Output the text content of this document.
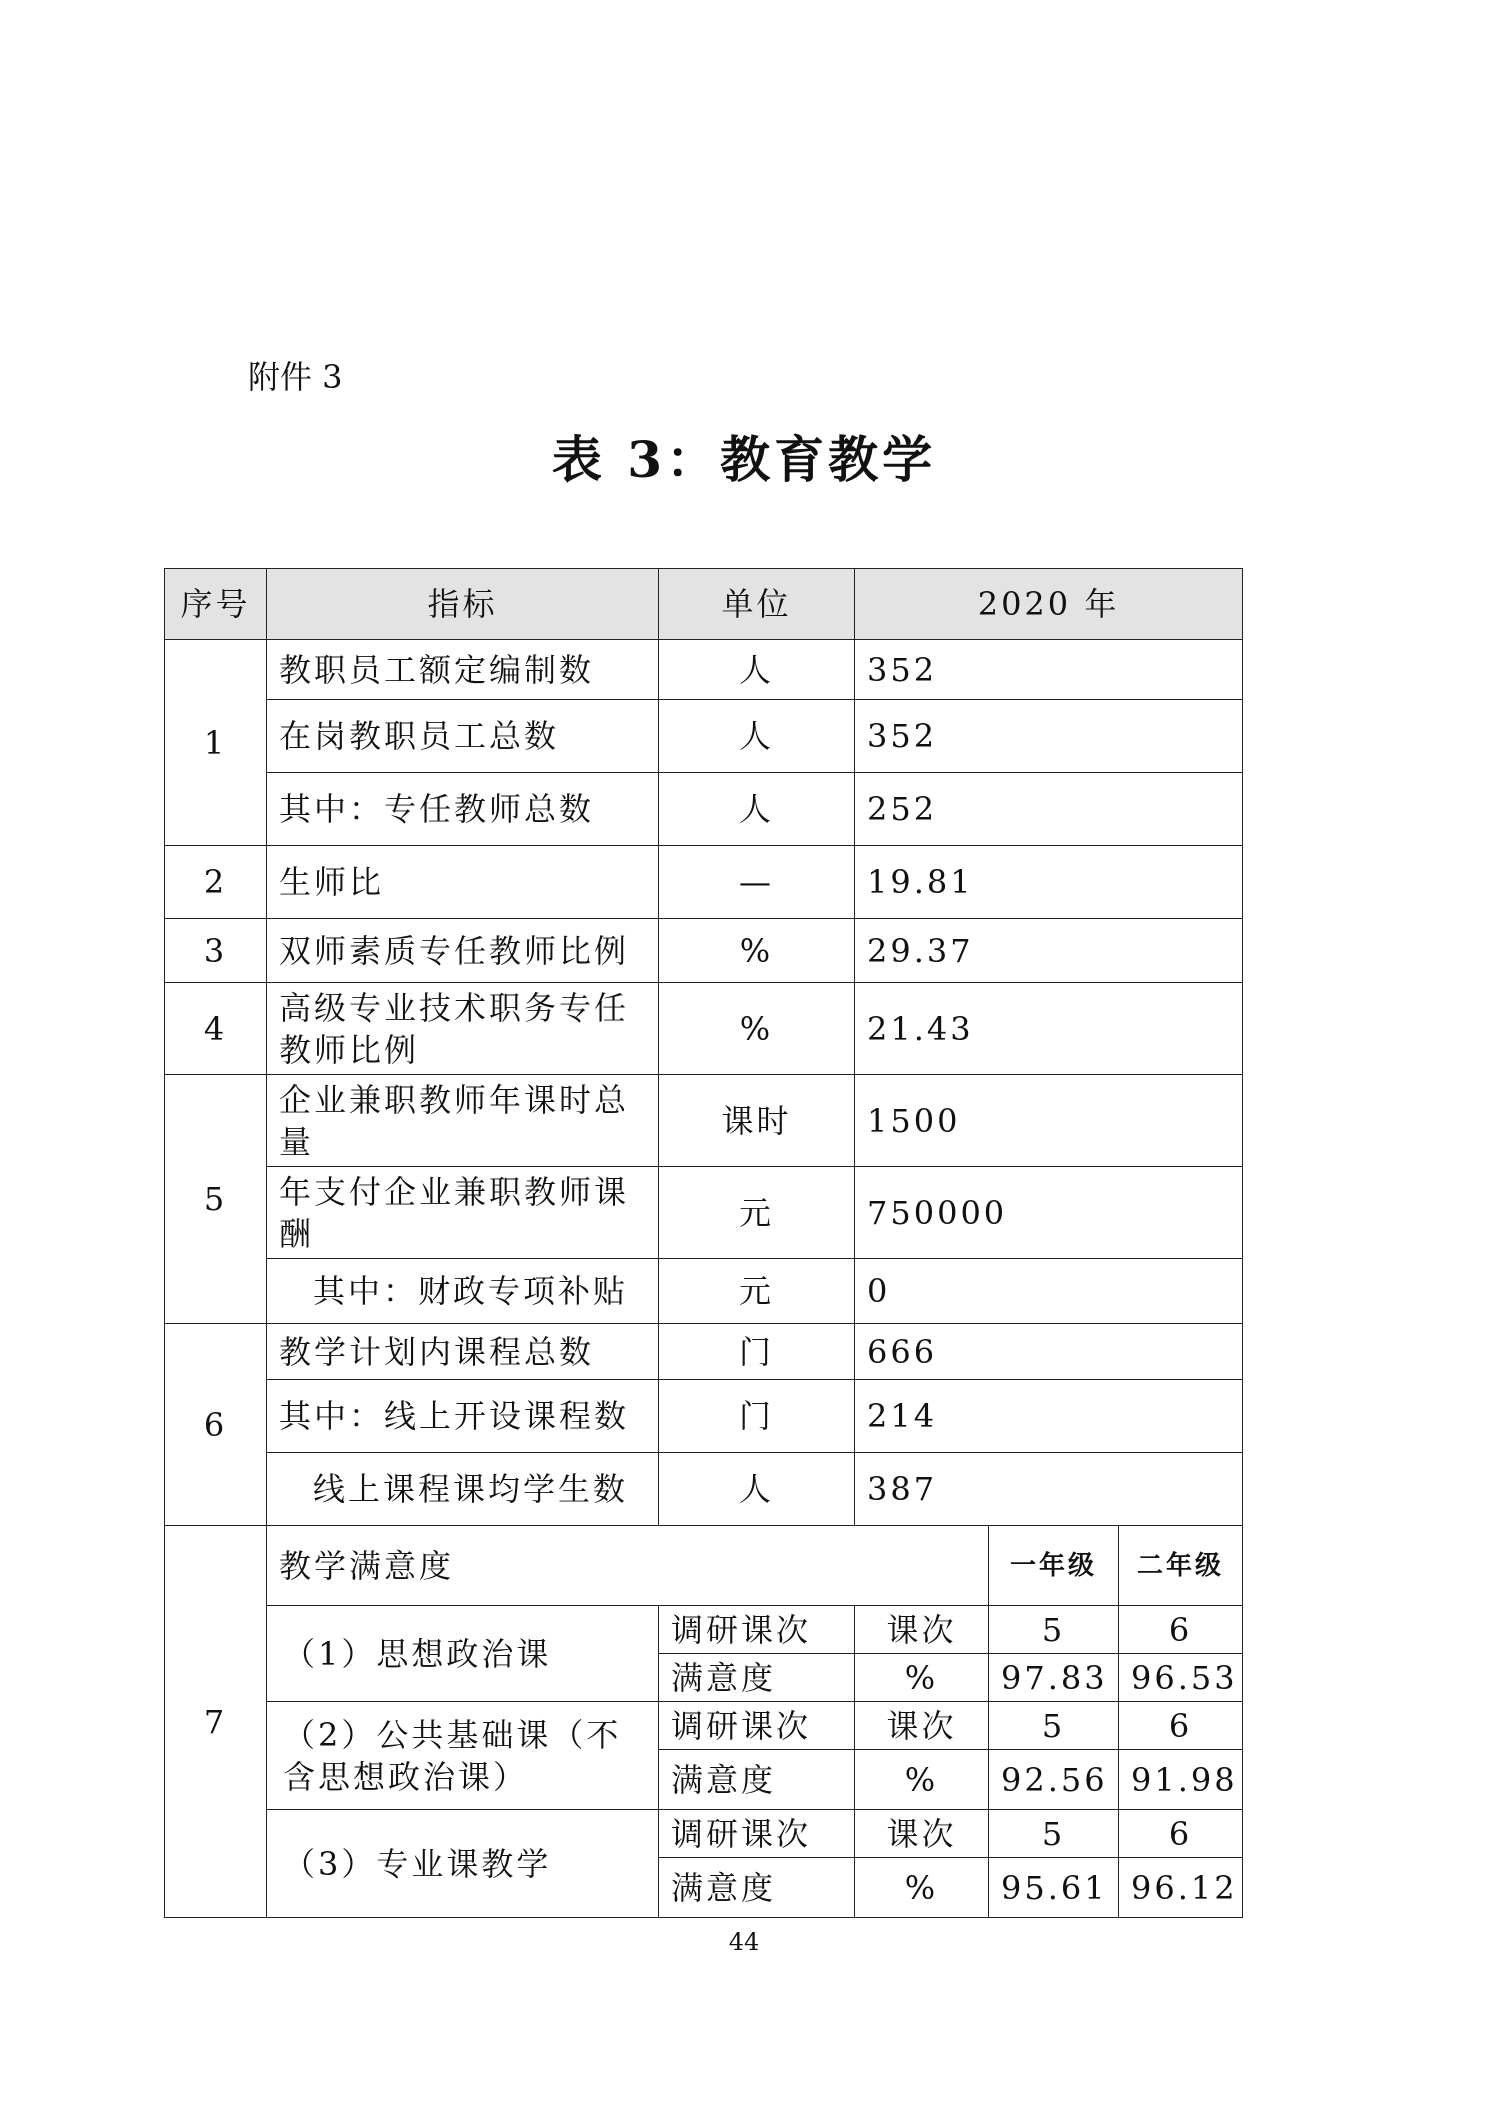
附件 3
表 3：教育教学
序号	指标	单位	2020 年		
1	教职员工额定编制数	人	352		
	在岗教职员工总数	人	352		
	其中：专任教师总数	人	252		
2	生师比	—	19.81		
3	双师素质专任教师比例	%	29.37		
4	高级专业技术职务专任教师比例	%	21.43		
5	企业兼职教师年课时总量	课时	1500		
	年支付企业兼职教师课酬	元	750000		
	其中：财政专项补贴	元	0		
6	教学计划内课程总数	门	666		
	其中：线上开设课程数	门	214		
	线上课程课均学生数	人	387		
7	教学满意度			一年级	二年级
	（1）思想政治课	调研课次	课次	5	6
		满意度	%	97.83	96.53
	（2）公共基础课（不含思想政治课）	调研课次	课次	5	6
		满意度	%	92.56	91.98
	（3）专业课教学	调研课次	课次	5	6
		满意度	%	95.61	96.12
44
